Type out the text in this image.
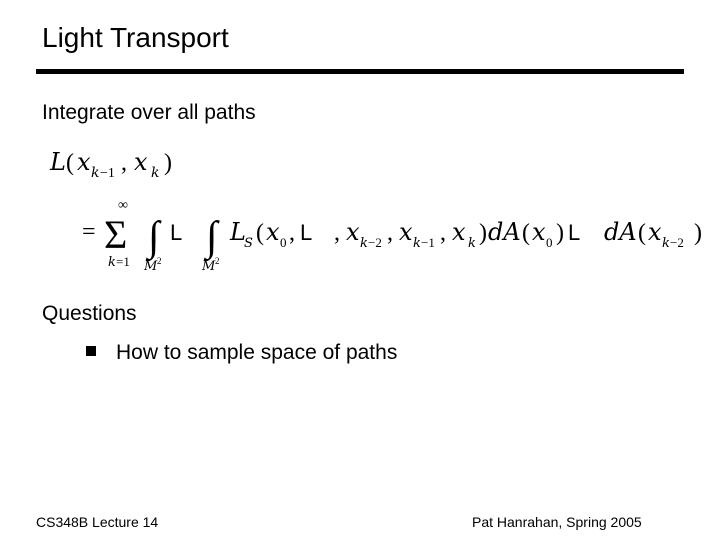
Light Transport
Integrate over all paths
L ( x k −1 , x k )
=
∞
Σ
k =1
∫
M 2
L ∫
M 2
L
S ( x 0 , L , x k −2 , x k −1 , x k ) dA ( x 0 ) L dA ( x k −2 )
Questions
How to sample space of paths
CS348B Lecture 14	Pat Hanrahan, Spring 2005
